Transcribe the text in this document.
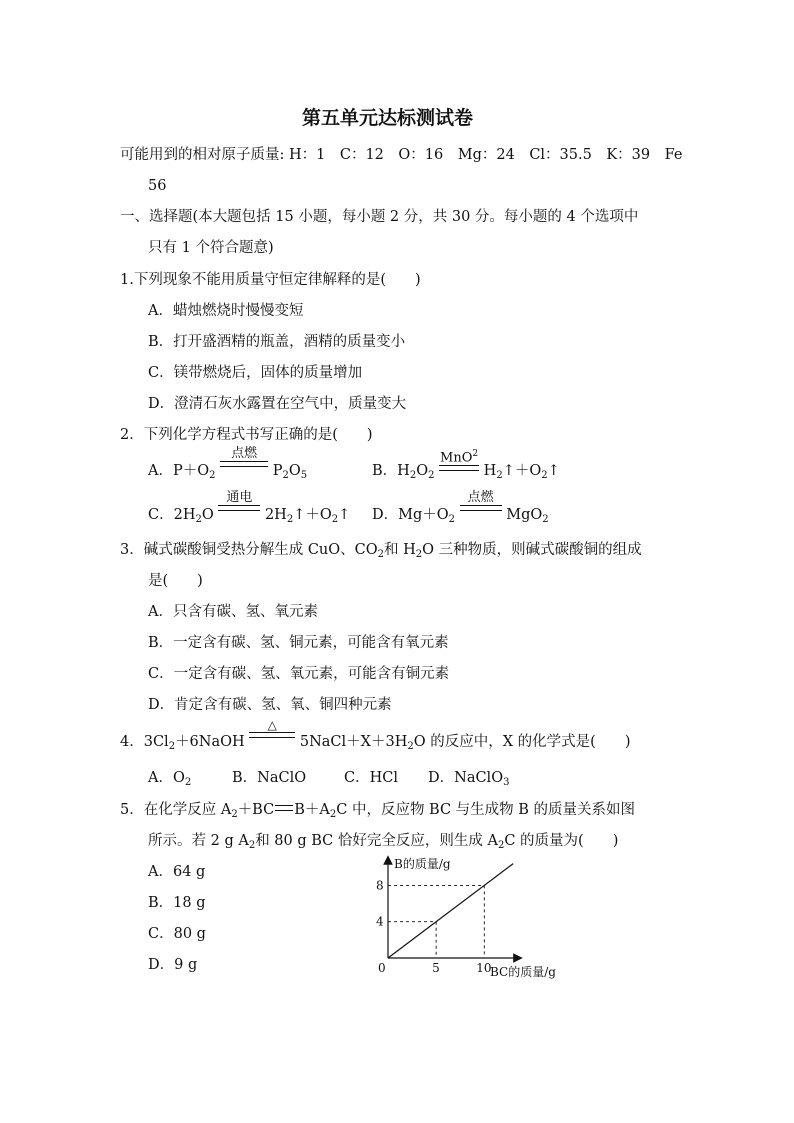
第五单元达标测试卷
可能用到的相对原子质量: H：1　C：12　O：16　Mg：24　Cl：35.5　K：39　Fe
56
一、选择题(本大题包括 15 小题，每小题 2 分，共 30 分。每小题的 4 个选项中
只有 1 个符合题意)
1.下列现象不能用质量守恒定律解释的是(　　)
A．蜡烛燃烧时慢慢变短
B．打开盛酒精的瓶盖，酒精的质量变小
C．镁带燃烧后，固体的质量增加
D．澄清石灰水露置在空气中，质量变大
2．下列化学方程式书写正确的是(　　)
A．$P+O_2$
点燃
$P_2O_5$	B．$H_2O_2$
MnO$^2$
$H_2↑+O_2↑$
C．$2H_2O$
通电
$2H_2↑+O_2↑$ D．$Mg+O_2$
点燃
MgO$_2$
3．碱式碳酸铜受热分解生成 CuO、$CO_2$和 $H_2O$ 三种物质，则碱式碳酸铜的组成
是(　　)
A．只含有碳、氢、氧元素
B．一定含有碳、氢、铜元素，可能含有氧元素
C．一定含有碳、氢、氧元素，可能含有铜元素
D．肯定含有碳、氢、氧、铜四种元素
4．$3Cl_2+6NaOH$
△
$5NaCl+X+3H_2O$ 的反应中，X 的化学式是(　　)
A．$O_2$	B．NaClO	C．HCl D．NaClO$_3$
5．在化学反应 $A_2+BC$ $B+A_2C$ 中，反应物 BC 与生成物 B 的质量关系如图
所示。若 2 g $A_2$和 80 g BC 恰好完全反应，则生成 $A_2C$ 的质量为(　　)
A．64 g
B．18 g
C．80 g
D．9 g	0	5	10
4
8
B的质量/g
BC的质量/g
